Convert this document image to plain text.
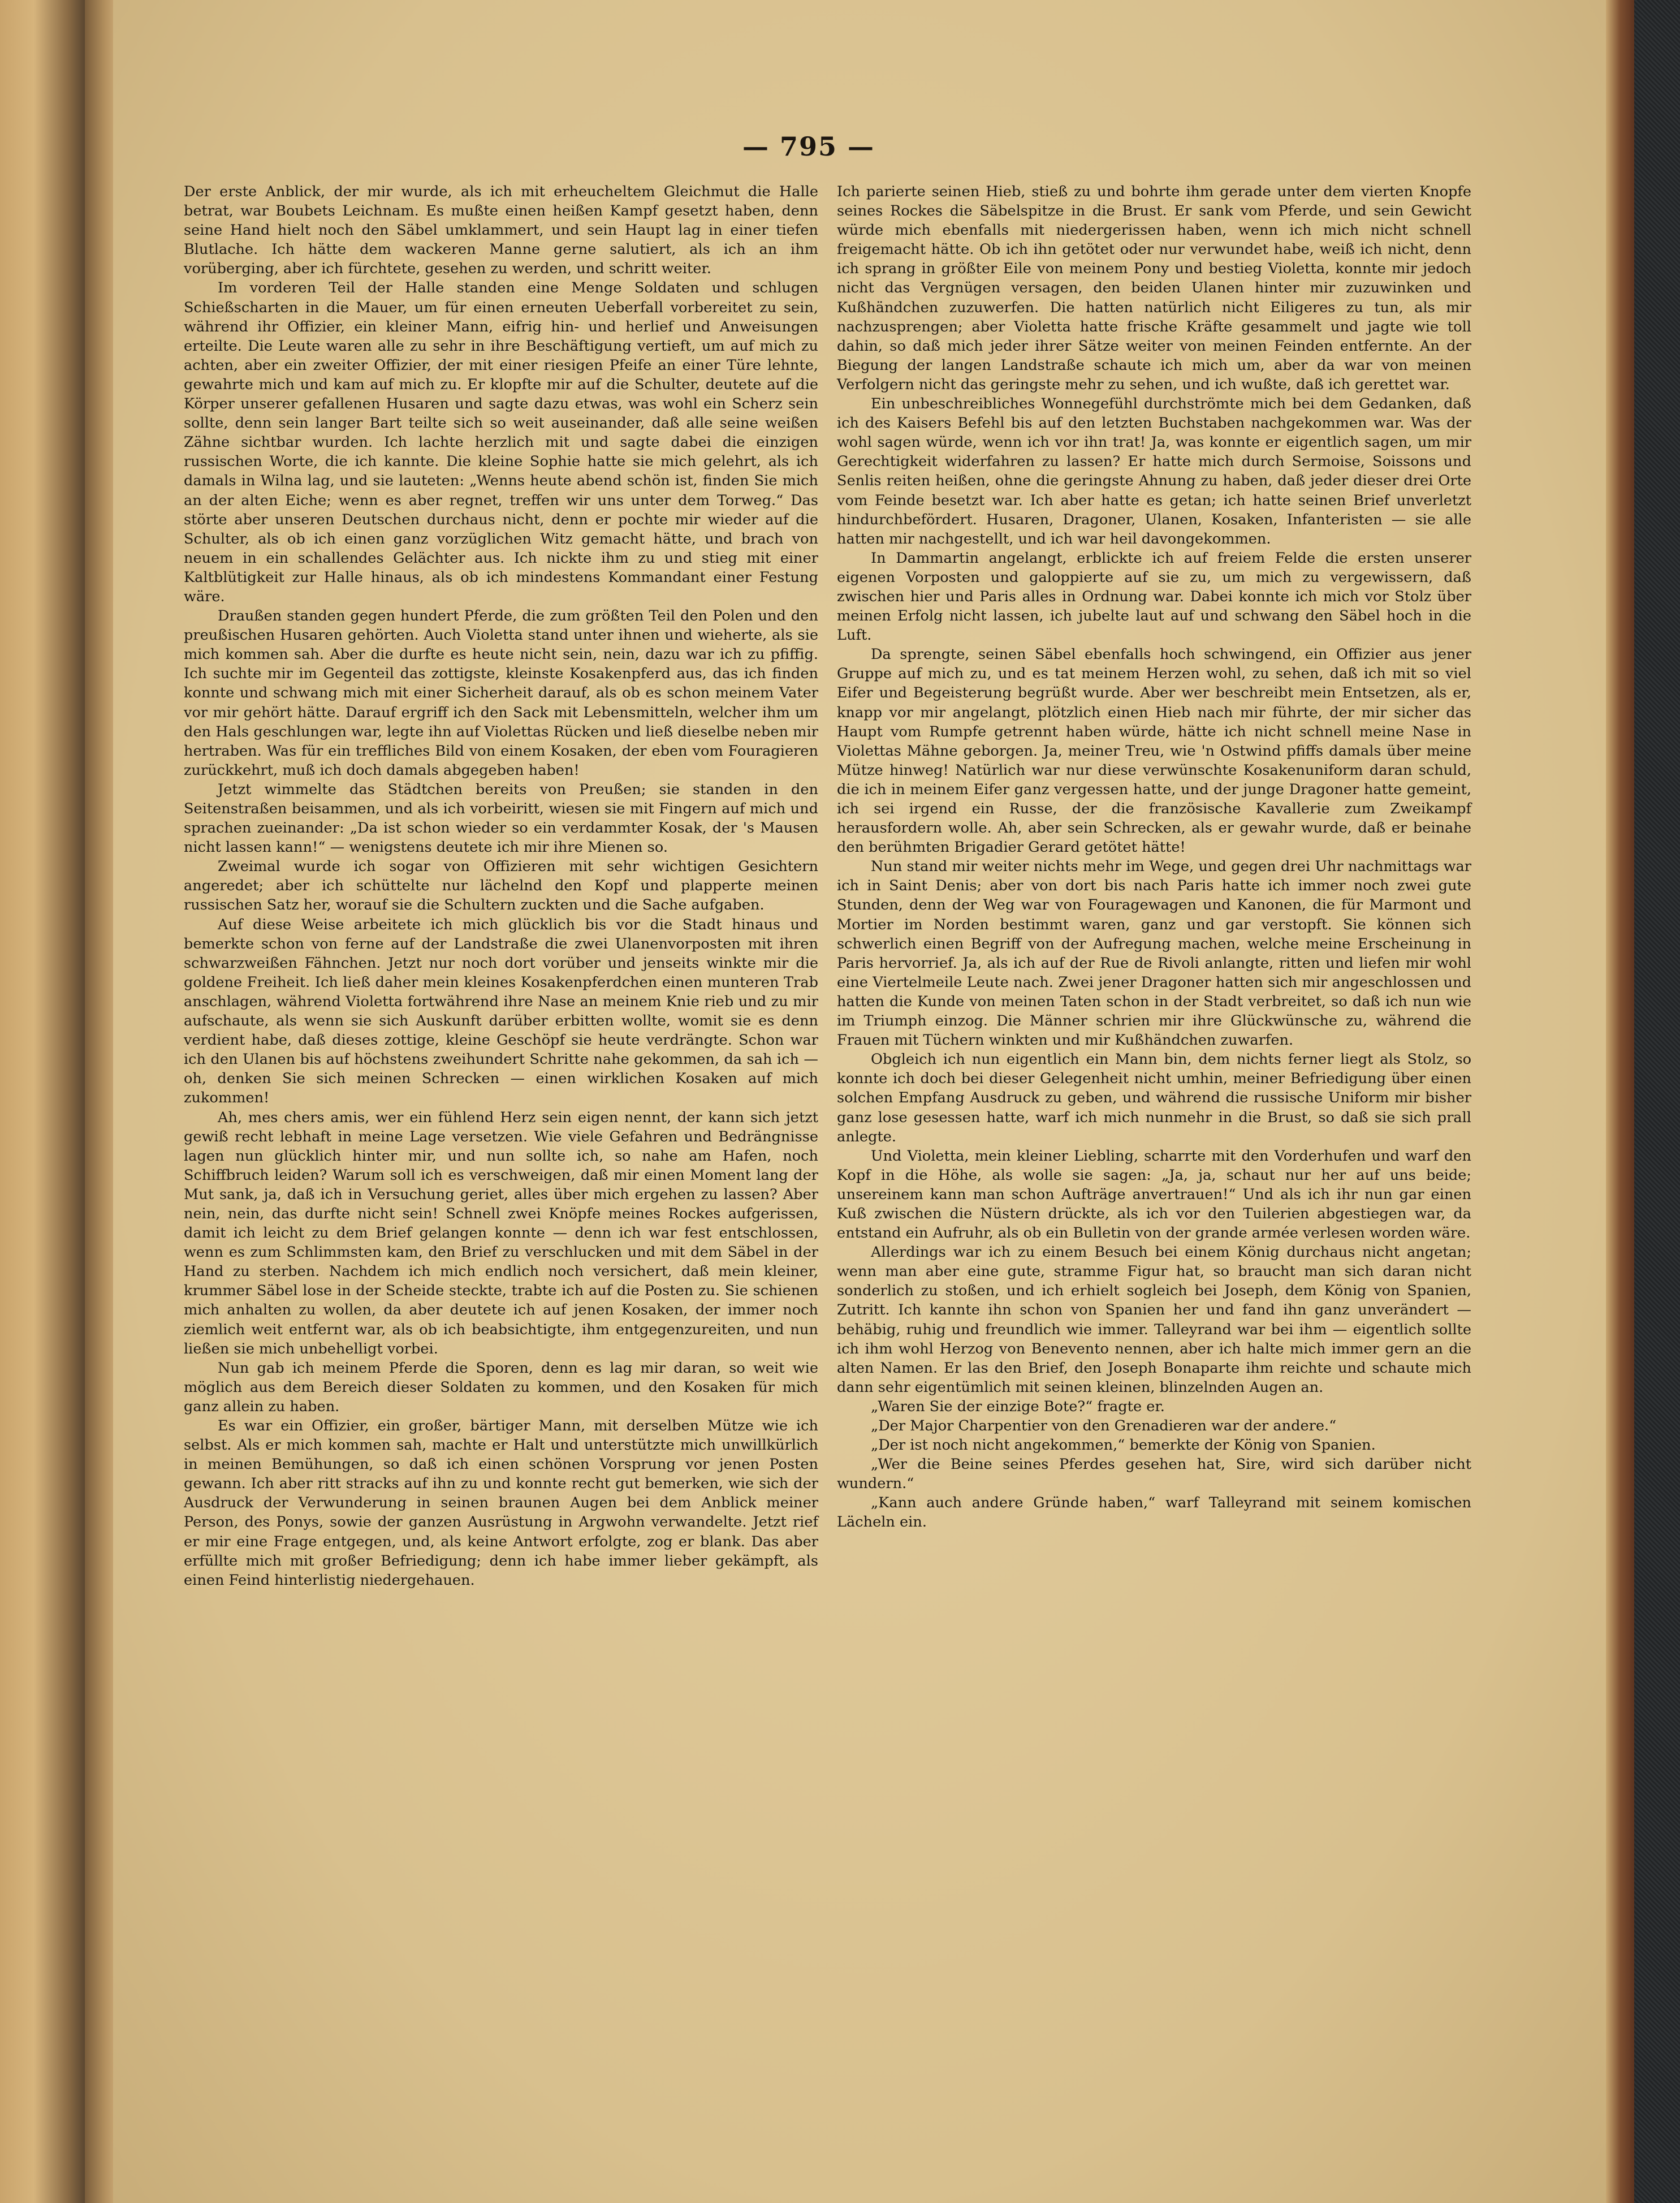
— 795 —

Der erste Anblick, der mir wurde, als ich mit erheucheltem Gleichmut die Halle betrat, war Boubets Leichnam. Es mußte einen heißen Kampf gesetzt haben, denn seine Hand hielt noch den Säbel umklammert, und sein Haupt lag in einer tiefen Blutlache. Ich hätte dem wackeren Manne gerne salutiert, als ich an ihm vorüberging, aber ich fürchtete, gesehen zu werden, und schritt weiter.

Im vorderen Teil der Halle standen eine Menge Soldaten und schlugen Schießscharten in die Mauer, um für einen erneuten Ueberfall vorbereitet zu sein, während ihr Offizier, ein kleiner Mann, eifrig hin- und herlief und Anweisungen erteilte. Die Leute waren alle zu sehr in ihre Beschäftigung vertieft, um auf mich zu achten, aber ein zweiter Offizier, der mit einer riesigen Pfeife an einer Türe lehnte, gewahrte mich und kam auf mich zu. Er klopfte mir auf die Schulter, deutete auf die Körper unserer gefallenen Husaren und sagte dazu etwas, was wohl ein Scherz sein sollte, denn sein langer Bart teilte sich so weit auseinander, daß alle seine weißen Zähne sichtbar wurden. Ich lachte herzlich mit und sagte dabei die einzigen russischen Worte, die ich kannte. Die kleine Sophie hatte sie mich gelehrt, als ich damals in Wilna lag, und sie lauteten: „Wenns heute abend schön ist, finden Sie mich an der alten Eiche; wenn es aber regnet, treffen wir uns unter dem Torweg.“ Das störte aber unseren Deutschen durchaus nicht, denn er pochte mir wieder auf die Schulter, als ob ich einen ganz vorzüglichen Witz gemacht hätte, und brach von neuem in ein schallendes Gelächter aus. Ich nickte ihm zu und stieg mit einer Kaltblütigkeit zur Halle hinaus, als ob ich mindestens Kommandant einer Festung wäre.

Draußen standen gegen hundert Pferde, die zum größten Teil den Polen und den preußischen Husaren gehörten. Auch Violetta stand unter ihnen und wieherte, als sie mich kommen sah. Aber die durfte es heute nicht sein, nein, dazu war ich zu pfiffig. Ich suchte mir im Gegenteil das zottigste, kleinste Kosakenpferd aus, das ich finden konnte und schwang mich mit einer Sicherheit darauf, als ob es schon meinem Vater vor mir gehört hätte. Darauf ergriff ich den Sack mit Lebensmitteln, welcher ihm um den Hals geschlungen war, legte ihn auf Violettas Rücken und ließ dieselbe neben mir hertraben. Was für ein treffliches Bild von einem Kosaken, der eben vom Fouragieren zurückkehrt, muß ich doch damals abgegeben haben!

Jetzt wimmelte das Städtchen bereits von Preußen; sie standen in den Seitenstraßen beisammen, und als ich vorbeiritt, wiesen sie mit Fingern auf mich und sprachen zueinander: „Da ist schon wieder so ein verdammter Kosak, der 's Mausen nicht lassen kann!“ — wenigstens deutete ich mir ihre Mienen so.

Zweimal wurde ich sogar von Offizieren mit sehr wichtigen Gesichtern angeredet; aber ich schüttelte nur lächelnd den Kopf und plapperte meinen russischen Satz her, worauf sie die Schultern zuckten und die Sache aufgaben.

Auf diese Weise arbeitete ich mich glücklich bis vor die Stadt hinaus und bemerkte schon von ferne auf der Landstraße die zwei Ulanenvorposten mit ihren schwarzweißen Fähnchen. Jetzt nur noch dort vorüber und jenseits winkte mir die goldene Freiheit. Ich ließ daher mein kleines Kosakenpferdchen einen munteren Trab anschlagen, während Violetta fortwährend ihre Nase an meinem Knie rieb und zu mir aufschaute, als wenn sie sich Auskunft darüber erbitten wollte, womit sie es denn verdient habe, daß dieses zottige, kleine Geschöpf sie heute verdrängte. Schon war ich den Ulanen bis auf höchstens zweihundert Schritte nahe gekommen, da sah ich — oh, denken Sie sich meinen Schrecken — einen wirklichen Kosaken auf mich zukommen!

Ah, mes chers amis, wer ein fühlend Herz sein eigen nennt, der kann sich jetzt gewiß recht lebhaft in meine Lage versetzen. Wie viele Gefahren und Bedrängnisse lagen nun glücklich hinter mir, und nun sollte ich, so nahe am Hafen, noch Schiffbruch leiden? Warum soll ich es verschweigen, daß mir einen Moment lang der Mut sank, ja, daß ich in Versuchung geriet, alles über mich ergehen zu lassen? Aber nein, nein, das durfte nicht sein! Schnell zwei Knöpfe meines Rockes aufgerissen, damit ich leicht zu dem Brief gelangen konnte — denn ich war fest entschlossen, wenn es zum Schlimmsten kam, den Brief zu verschlucken und mit dem Säbel in der Hand zu sterben. Nachdem ich mich endlich noch versichert, daß mein kleiner, krummer Säbel lose in der Scheide steckte, trabte ich auf die Posten zu. Sie schienen mich anhalten zu wollen, da aber deutete ich auf jenen Kosaken, der immer noch ziemlich weit entfernt war, als ob ich beabsichtigte, ihm entgegenzureiten, und nun ließen sie mich unbehelligt vorbei.

Nun gab ich meinem Pferde die Sporen, denn es lag mir daran, so weit wie möglich aus dem Bereich dieser Soldaten zu kommen, und den Kosaken für mich ganz allein zu haben.

Es war ein Offizier, ein großer, bärtiger Mann, mit derselben Mütze wie ich selbst. Als er mich kommen sah, machte er Halt und unterstützte mich unwillkürlich in meinen Bemühungen, so daß ich einen schönen Vorsprung vor jenen Posten gewann. Ich aber ritt stracks auf ihn zu und konnte recht gut bemerken, wie sich der Ausdruck der Verwunderung in seinen braunen Augen bei dem Anblick meiner Person, des Ponys, sowie der ganzen Ausrüstung in Argwohn verwandelte. Jetzt rief er mir eine Frage entgegen, und, als keine Antwort erfolgte, zog er blank. Das aber erfüllte mich mit großer Befriedigung; denn ich habe immer lieber gekämpft, als einen Feind hinterlistig niedergehauen.

Ich parierte seinen Hieb, stieß zu und bohrte ihm gerade unter dem vierten Knopfe seines Rockes die Säbelspitze in die Brust. Er sank vom Pferde, und sein Gewicht würde mich ebenfalls mit niedergerissen haben, wenn ich mich nicht schnell freigemacht hätte. Ob ich ihn getötet oder nur verwundet habe, weiß ich nicht, denn ich sprang in größter Eile von meinem Pony und bestieg Violetta, konnte mir jedoch nicht das Vergnügen versagen, den beiden Ulanen hinter mir zuzuwinken und Kußhändchen zuzuwerfen. Die hatten natürlich nicht Eiligeres zu tun, als mir nachzusprengen; aber Violetta hatte frische Kräfte gesammelt und jagte wie toll dahin, so daß mich jeder ihrer Sätze weiter von meinen Feinden entfernte. An der Biegung der langen Landstraße schaute ich mich um, aber da war von meinen Verfolgern nicht das geringste mehr zu sehen, und ich wußte, daß ich gerettet war.

Ein unbeschreibliches Wonnegefühl durchströmte mich bei dem Gedanken, daß ich des Kaisers Befehl bis auf den letzten Buchstaben nachgekommen war. Was der wohl sagen würde, wenn ich vor ihn trat! Ja, was konnte er eigentlich sagen, um mir Gerechtigkeit widerfahren zu lassen? Er hatte mich durch Sermoise, Soissons und Senlis reiten heißen, ohne die geringste Ahnung zu haben, daß jeder dieser drei Orte vom Feinde besetzt war. Ich aber hatte es getan; ich hatte seinen Brief unverletzt hindurchbefördert. Husaren, Dragoner, Ulanen, Kosaken, Infanteristen — sie alle hatten mir nachgestellt, und ich war heil davongekommen.

In Dammartin angelangt, erblickte ich auf freiem Felde die ersten unserer eigenen Vorposten und galoppierte auf sie zu, um mich zu vergewissern, daß zwischen hier und Paris alles in Ordnung war. Dabei konnte ich mich vor Stolz über meinen Erfolg nicht lassen, ich jubelte laut auf und schwang den Säbel hoch in die Luft.

Da sprengte, seinen Säbel ebenfalls hoch schwingend, ein Offizier aus jener Gruppe auf mich zu, und es tat meinem Herzen wohl, zu sehen, daß ich mit so viel Eifer und Begeisterung begrüßt wurde. Aber wer beschreibt mein Entsetzen, als er, knapp vor mir angelangt, plötzlich einen Hieb nach mir führte, der mir sicher das Haupt vom Rumpfe getrennt haben würde, hätte ich nicht schnell meine Nase in Violettas Mähne geborgen. Ja, meiner Treu, wie 'n Ostwind pfiffs damals über meine Mütze hinweg! Natürlich war nur diese verwünschte Kosakenuniform daran schuld, die ich in meinem Eifer ganz vergessen hatte, und der junge Dragoner hatte gemeint, ich sei irgend ein Russe, der die französische Kavallerie zum Zweikampf herausfordern wolle. Ah, aber sein Schrecken, als er gewahr wurde, daß er beinahe den berühmten Brigadier Gerard getötet hätte!

Nun stand mir weiter nichts mehr im Wege, und gegen drei Uhr nachmittags war ich in Saint Denis; aber von dort bis nach Paris hatte ich immer noch zwei gute Stunden, denn der Weg war von Fouragewagen und Kanonen, die für Marmont und Mortier im Norden bestimmt waren, ganz und gar verstopft. Sie können sich schwerlich einen Begriff von der Aufregung machen, welche meine Erscheinung in Paris hervorrief. Ja, als ich auf der Rue de Rivoli anlangte, ritten und liefen mir wohl eine Viertelmeile Leute nach. Zwei jener Dragoner hatten sich mir angeschlossen und hatten die Kunde von meinen Taten schon in der Stadt verbreitet, so daß ich nun wie im Triumph einzog. Die Männer schrien mir ihre Glückwünsche zu, während die Frauen mit Tüchern winkten und mir Kußhändchen zuwarfen.

Obgleich ich nun eigentlich ein Mann bin, dem nichts ferner liegt als Stolz, so konnte ich doch bei dieser Gelegenheit nicht umhin, meiner Befriedigung über einen solchen Empfang Ausdruck zu geben, und während die russische Uniform mir bisher ganz lose gesessen hatte, warf ich mich nunmehr in die Brust, so daß sie sich prall anlegte.

Und Violetta, mein kleiner Liebling, scharrte mit den Vorderhufen und warf den Kopf in die Höhe, als wolle sie sagen: „Ja, ja, schaut nur her auf uns beide; unsereinem kann man schon Aufträge anvertrauen!“ Und als ich ihr nun gar einen Kuß zwischen die Nüstern drückte, als ich vor den Tuilerien abgestiegen war, da entstand ein Aufruhr, als ob ein Bulletin von der grande armée verlesen worden wäre.

Allerdings war ich zu einem Besuch bei einem König durchaus nicht angetan; wenn man aber eine gute, stramme Figur hat, so braucht man sich daran nicht sonderlich zu stoßen, und ich erhielt sogleich bei Joseph, dem König von Spanien, Zutritt. Ich kannte ihn schon von Spanien her und fand ihn ganz unverändert — behäbig, ruhig und freundlich wie immer. Talleyrand war bei ihm — eigentlich sollte ich ihm wohl Herzog von Benevento nennen, aber ich halte mich immer gern an die alten Namen. Er las den Brief, den Joseph Bonaparte ihm reichte und schaute mich dann sehr eigentümlich mit seinen kleinen, blinzelnden Augen an.

„Waren Sie der einzige Bote?“ fragte er.

„Der Major Charpentier von den Grenadieren war der andere.“

„Der ist noch nicht angekommen,“ bemerkte der König von Spanien.

„Wer die Beine seines Pferdes gesehen hat, Sire, wird sich darüber nicht wundern.“

„Kann auch andere Gründe haben,“ warf Talleyrand mit seinem komischen Lächeln ein.
